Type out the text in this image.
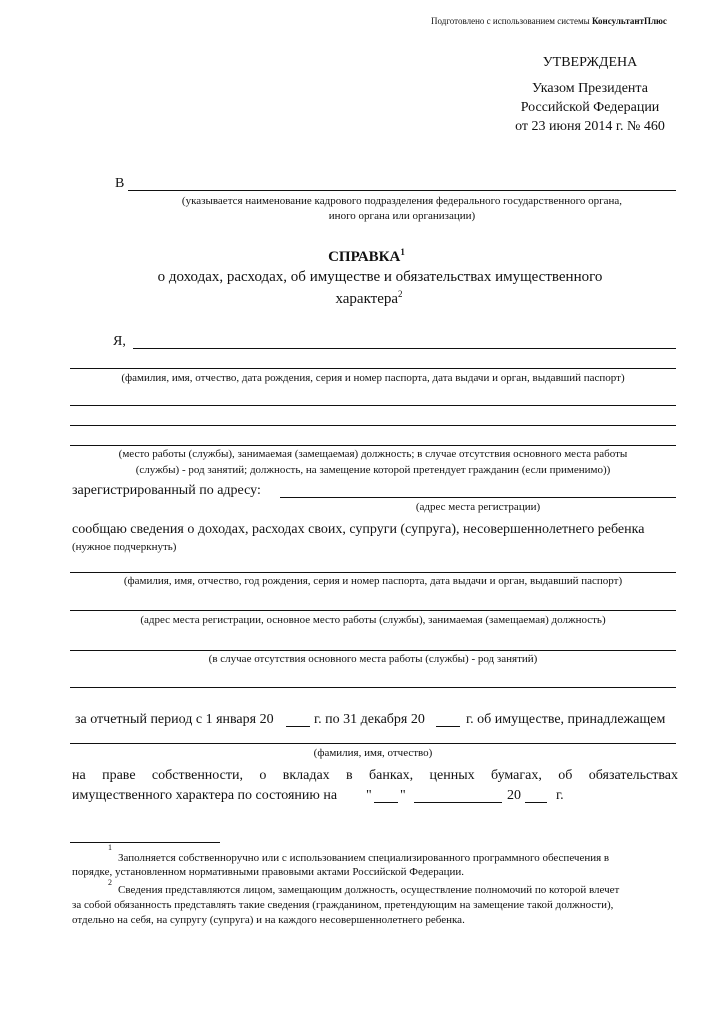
Подготовлено с использованием системы КонсультантПлюс
УТВЕРЖДЕНА
Указом Президента
Российской Федерации
от 23 июня 2014 г. № 460
В
(указывается наименование кадрового подразделения федерального государственного органа,
иного органа или организации)
СПРАВКА$^1$
о доходах, расходах, об имуществе и обязательствах имущественного
характера$^2$
Я,
(фамилия, имя, отчество, дата рождения, серия и номер паспорта, дата выдачи и орган, выдавший паспорт)
(место работы (службы), занимаемая (замещаемая) должность; в случае отсутствия основного места работы
(службы) - род занятий; должность, на замещение которой претендует гражданин (если применимо))
зарегистрированный по адресу:
(адрес места регистрации)
сообщаю сведения о доходах, расходах своих, супруги (супруга), несовершеннолетнего ребенка
(нужное подчеркнуть)
(фамилия, имя, отчество, год рождения, серия и номер паспорта, дата выдачи и орган, выдавший паспорт)
(адрес места регистрации, основное место работы (службы), занимаемая (замещаемая) должность)
(в случае отсутствия основного места работы (службы) - род занятий)
за отчетный период с 1 января 20	г. по 31 декабря 20	г. об имуществе, принадлежащем
(фамилия, имя, отчество)
на праве собственности, о вкладах в банках, ценных бумагах, об обязательствах
имущественного характера по состоянию на " "	20	г.
1
Заполняется собственноручно или с использованием специализированного программного обеспечения в
порядке, установленном нормативными правовыми актами Российской Федерации.
2
Сведения представляются лицом, замещающим должность, осуществление полномочий по которой влечет
за собой обязанность представлять такие сведения (гражданином, претендующим на замещение такой должности),
отдельно на себя, на супругу (супруга) и на каждого несовершеннолетнего ребенка.
